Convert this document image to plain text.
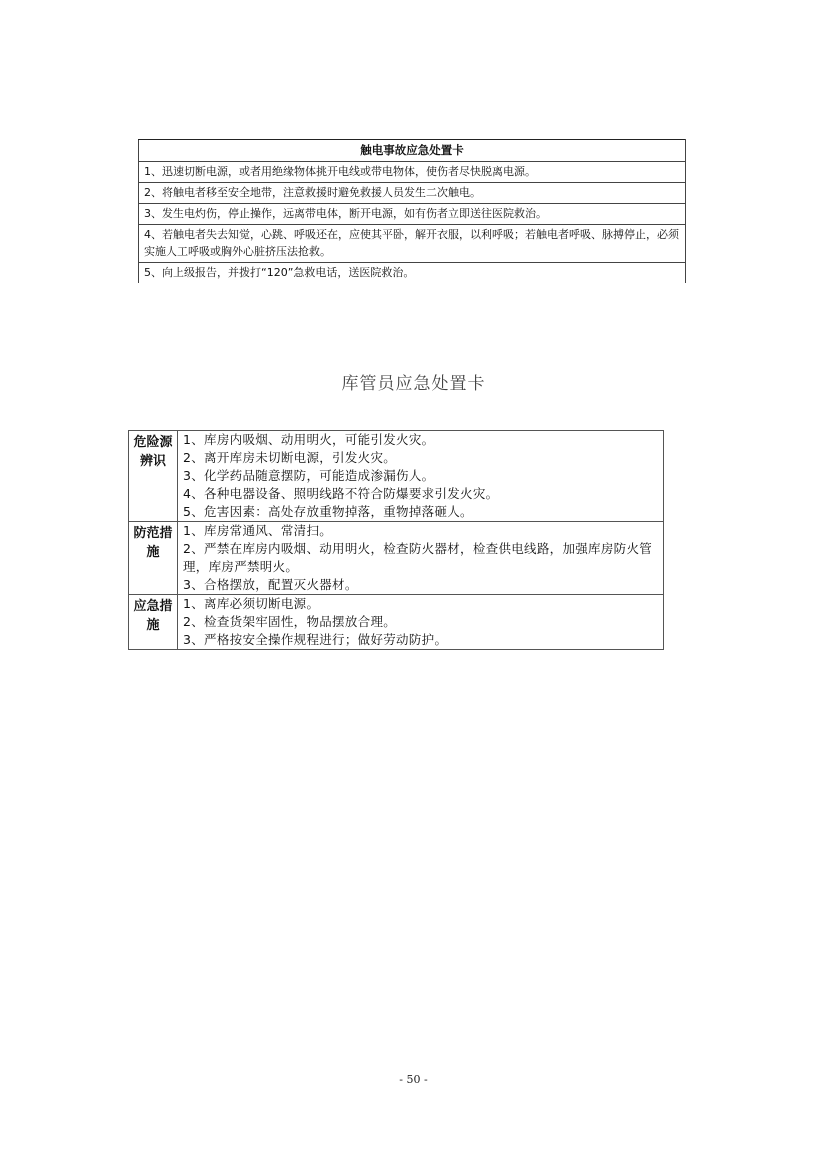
触电事故应急处置卡
1、迅速切断电源，或者用绝缘物体挑开电线或带电物体，使伤者尽快脱离电源。
2、将触电者移至安全地带，注意救援时避免救援人员发生二次触电。
3、发生电灼伤，停止操作，远离带电体，断开电源，如有伤者立即送往医院救治。
4、若触电者失去知觉，心跳、呼吸还在，应使其平卧，解开衣服，以利呼吸；若触电者呼吸、脉搏停止，必须实施人工呼吸或胸外心脏挤压法抢救。
5、向上级报告，并拨打“120”急救电话，送医院救治。
库管员应急处置卡
危险源辨识	1、库房内吸烟、动用明火，可能引发火灾。
2、离开库房未切断电源，引发火灾。
3、化学药品随意摆防，可能造成渗漏伤人。
4、各种电器设备、照明线路不符合防爆要求引发火灾。
5、危害因素：高处存放重物掉落，重物掉落砸人。

防范措施	1、库房常通风、常清扫。
2、严禁在库房内吸烟、动用明火，检查防火器材，检查供电线路，加强库房防火管理，库房严禁明火。
3、合格摆放，配置灭火器材。

应急措施	1、离库必须切断电源。
2、检查货架牢固性，物品摆放合理。
3、严格按安全操作规程进行；做好劳动防护。
- 50 -
